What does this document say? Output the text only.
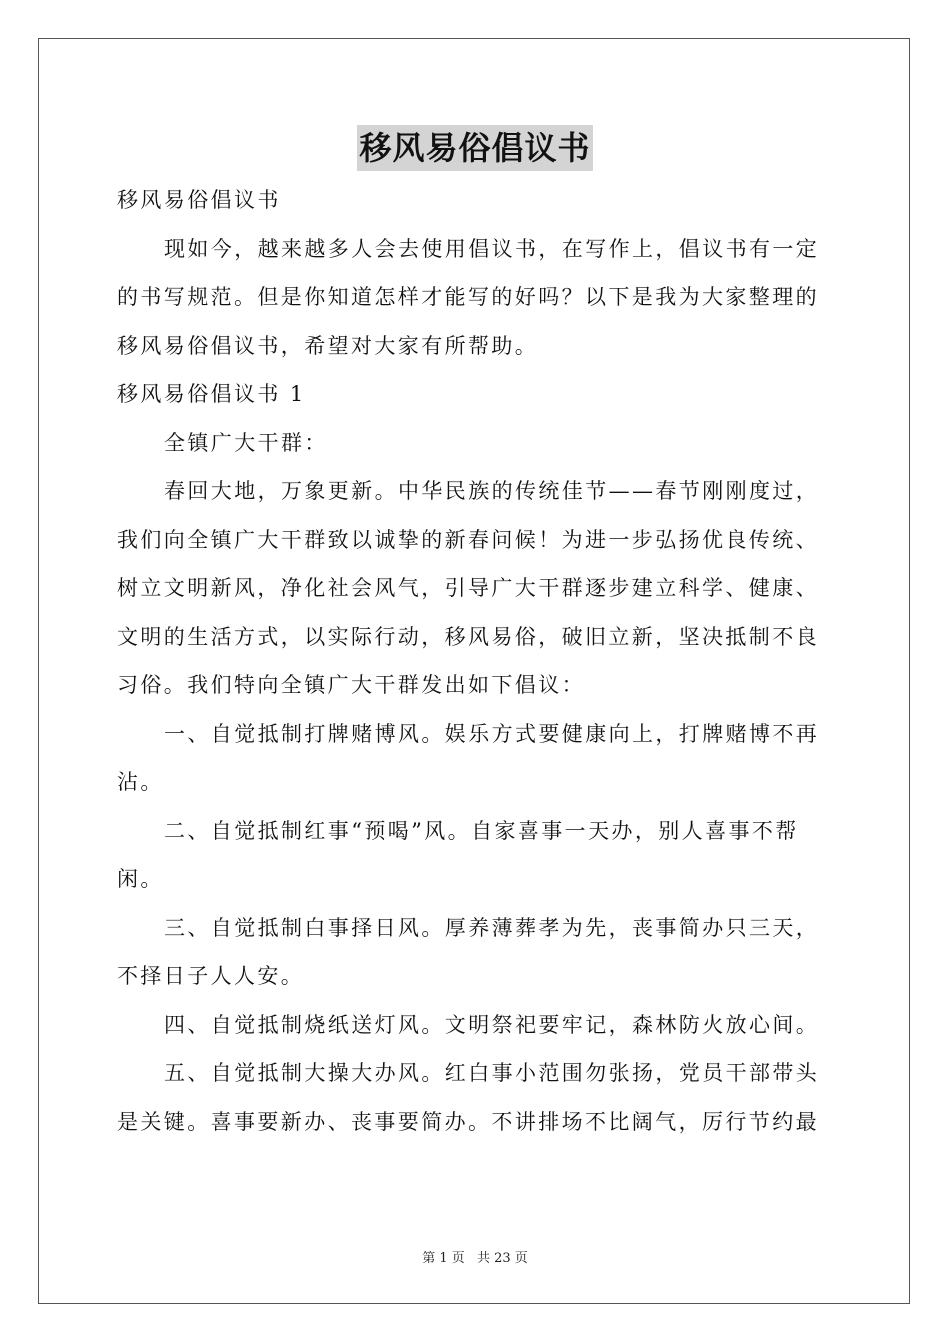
移风易俗倡议书

移风易俗倡议书

现如今，越来越多人会去使用倡议书，在写作上，倡议书有一定

的书写规范。但是你知道怎样才能写的好吗？以下是我为大家整理的

移风易俗倡议书，希望对大家有所帮助。

移风易俗倡议书 1

全镇广大干群：

春回大地，万象更新。中华民族的传统佳节——春节刚刚度过，

我们向全镇广大干群致以诚挚的新春问候！为进一步弘扬优良传统、

树立文明新风，净化社会风气，引导广大干群逐步建立科学、健康、

文明的生活方式，以实际行动，移风易俗，破旧立新，坚决抵制不良

习俗。我们特向全镇广大干群发出如下倡议：

一、自觉抵制打牌赌博风。娱乐方式要健康向上，打牌赌博不再

沾。

二、自觉抵制红事“预喝”风。自家喜事一天办，别人喜事不帮

闲。

三、自觉抵制白事择日风。厚养薄葬孝为先，丧事简办只三天，

不择日子人人安。

四、自觉抵制烧纸送灯风。文明祭祀要牢记，森林防火放心间。

五、自觉抵制大操大办风。红白事小范围勿张扬，党员干部带头

是关键。喜事要新办、丧事要简办。不讲排场不比阔气，厉行节约最

第 1 页 共 23 页
